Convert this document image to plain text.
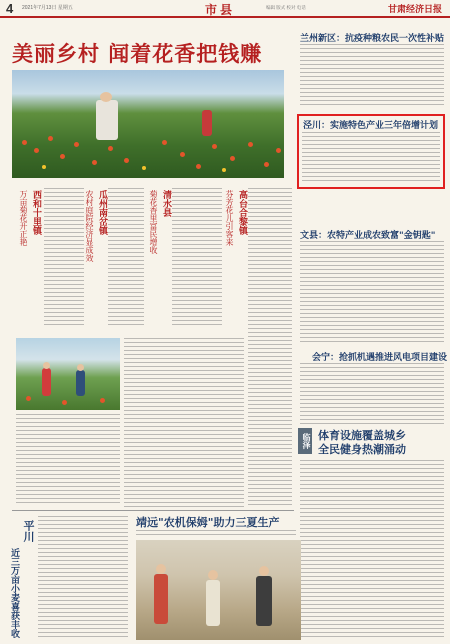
4 2021年7月13日 星期五	市县	编辑 版式 校对 电话	甘肃经济日报
美丽乡村 闻着花香把钱赚
西和十里镇
万亩菊花开正艳	瓜州南岔镇
农村庭院经济显成效	清水县
菊花香里富民增收	高台合黎镇
芬芳花儿引客来
兰州新区：抗疫种粮农民一次性补贴
泾川：实施特色产业三年倍增计划
文县：农特产业成农致富"金钥匙"
会宁：抢抓机遇推进风电项目建设
临泽 体育设施覆盖城乡
全民健身热潮涌动
平川
近三万亩小麦喜获丰收
靖远"农机保姆"助力三夏生产
